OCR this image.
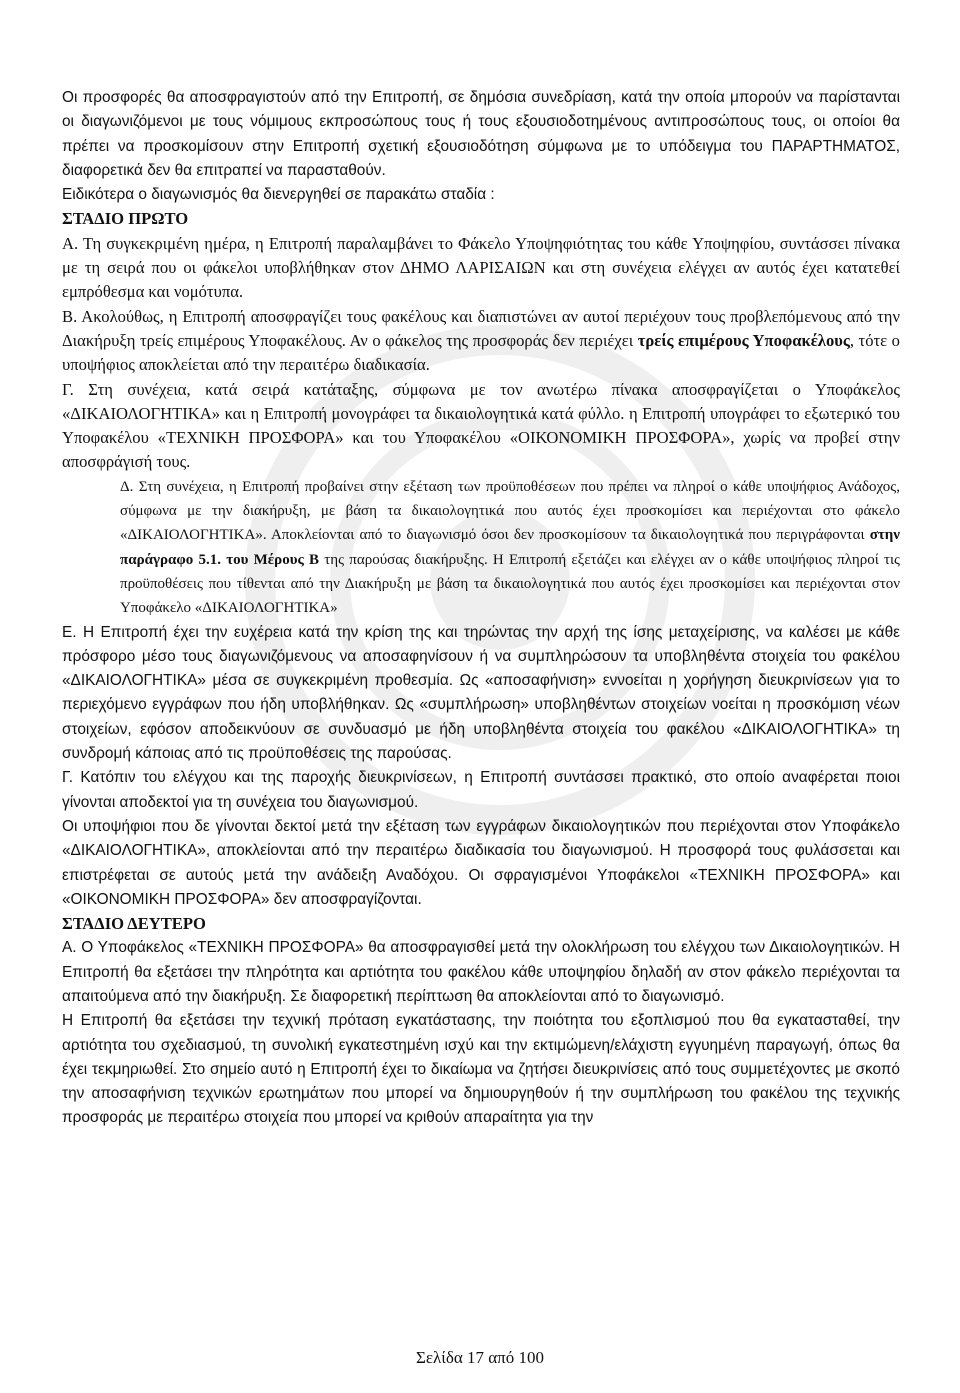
Οι προσφορές θα αποσφραγιστούν από την Επιτροπή, σε δημόσια συνεδρίαση, κατά την οποία μπορούν να παρίστανται οι διαγωνιζόμενοι με τους νόμιμους εκπροσώπους τους ή τους εξουσιοδοτημένους αντιπροσώπους τους, οι οποίοι θα πρέπει να προσκομίσουν στην Επιτροπή σχετική εξουσιοδότηση σύμφωνα με το υπόδειγμα του ΠΑΡΑΡΤΗΜΑΤΟΣ, διαφορετικά δεν θα επιτραπεί να παρασταθούν.

Ειδικότερα ο διαγωνισμός θα διενεργηθεί σε παρακάτω σταδία :

ΣΤΑΔΙΟ ΠΡΩΤΟ

Α. Τη συγκεκριμένη ημέρα, η Επιτροπή παραλαμβάνει το Φάκελο Υποψηφιότητας του κάθε Υποψηφίου, συντάσσει πίνακα με τη σειρά που οι φάκελοι υποβλήθηκαν στον ΔΗΜΟ ΛΑΡΙΣΑΙΩΝ και στη συνέχεια ελέγχει αν αυτός έχει κατατεθεί εμπρόθεσμα και νομότυπα.

Β. Ακολούθως, η Επιτροπή αποσφραγίζει τους φακέλους και διαπιστώνει αν αυτοί περιέχουν τους προβλεπόμενους από την Διακήρυξη τρείς επιμέρους Υποφακέλους. Αν ο φάκελος της προσφοράς δεν περιέχει τρείς επιμέρους Υποφακέλους, τότε ο υποψήφιος αποκλείεται από την περαιτέρω διαδικασία.

Γ. Στη συνέχεια, κατά σειρά κατάταξης, σύμφωνα με τον ανωτέρω πίνακα αποσφραγίζεται ο Υποφάκελος «ΔΙΚΑΙΟΛΟΓΗΤΙΚΑ» και η Επιτροπή μονογράφει τα δικαιολογητικά κατά φύλλο. η Επιτροπή υπογράφει το εξωτερικό του Υποφακέλου «ΤΕΧΝΙΚΗ ΠΡΟΣΦΟΡΑ» και του Υποφακέλου «ΟΙΚΟΝΟΜΙΚΗ ΠΡΟΣΦΟΡΑ», χωρίς να προβεί στην αποσφράγισή τους.

Δ. Στη συνέχεια, η Επιτροπή προβαίνει στην εξέταση των προϋποθέσεων που πρέπει να πληροί ο κάθε υποψήφιος Ανάδοχος, σύμφωνα με την διακήρυξη, με βάση τα δικαιολογητικά που αυτός έχει προσκομίσει και περιέχονται στο φάκελο «ΔΙΚΑΙΟΛΟΓΗΤΙΚΑ». Αποκλείονται από το διαγωνισμό όσοι δεν προσκομίσουν τα δικαιολογητικά που περιγράφονται στην παράγραφο 5.1. του Μέρους Β της παρούσας διακήρυξης. Η Επιτροπή εξετάζει και ελέγχει αν ο κάθε υποψήφιος πληροί τις προϋποθέσεις που τίθενται από την Διακήρυξη με βάση τα δικαιολογητικά που αυτός έχει προσκομίσει και περιέχονται στον Υποφάκελο «ΔΙΚΑΙΟΛΟΓΗΤΙΚΑ»

Ε. Η Επιτροπή έχει την ευχέρεια κατά την κρίση της και τηρώντας την αρχή της ίσης μεταχείρισης, να καλέσει με κάθε πρόσφορο μέσο τους διαγωνιζόμενους να αποσαφηνίσουν ή να συμπληρώσουν τα υποβληθέντα στοιχεία του φακέλου «ΔΙΚΑΙΟΛΟΓΗΤΙΚΑ» μέσα σε συγκεκριμένη προθεσμία. Ως «αποσαφήνιση» εννοείται η χορήγηση διευκρινίσεων για το περιεχόμενο εγγράφων που ήδη υποβλήθηκαν. Ως «συμπλήρωση» υποβληθέντων στοιχείων νοείται η προσκόμιση νέων στοιχείων, εφόσον αποδεικνύουν σε συνδυασμό με ήδη υποβληθέντα στοιχεία του φακέλου «ΔΙΚΑΙΟΛΟΓΗΤΙΚΑ» τη συνδρομή κάποιας από τις προϋποθέσεις της παρούσας.

Γ. Κατόπιν του ελέγχου και της παροχής διευκρινίσεων, η Επιτροπή συντάσσει πρακτικό, στο οποίο αναφέρεται ποιοι γίνονται αποδεκτοί για τη συνέχεια του διαγωνισμού.

Οι υποψήφιοι που δε γίνονται δεκτοί μετά την εξέταση των εγγράφων δικαιολογητικών που περιέχονται στον Υποφάκελο «ΔΙΚΑΙΟΛΟΓΗΤΙΚΑ», αποκλείονται από την περαιτέρω διαδικασία του διαγωνισμού. Η προσφορά τους φυλάσσεται και επιστρέφεται σε αυτούς μετά την ανάδειξη Αναδόχου. Οι σφραγισμένοι Υποφάκελοι «ΤΕΧΝΙΚΗ ΠΡΟΣΦΟΡΑ» και «ΟΙΚΟΝΟΜΙΚΗ ΠΡΟΣΦΟΡΑ» δεν αποσφραγίζονται.

ΣΤΑΔΙΟ ΔΕΥΤΕΡΟ

Α. Ο Υποφάκελος «ΤΕΧΝΙΚΗ ΠΡΟΣΦΟΡΑ» θα αποσφραγισθεί μετά την ολοκλήρωση του ελέγχου των Δικαιολογητικών. Η Επιτροπή θα εξετάσει την πληρότητα και αρτιότητα του φακέλου κάθε υποψηφίου δηλαδή αν στον φάκελο περιέχονται τα απαιτούμενα από την διακήρυξη. Σε διαφορετική περίπτωση θα αποκλείονται από το διαγωνισμό.

Η Επιτροπή θα εξετάσει την τεχνική πρόταση εγκατάστασης, την ποιότητα του εξοπλισμού που θα εγκατασταθεί, την αρτιότητα του σχεδιασμού, τη συνολική εγκατεστημένη ισχύ και την εκτιμώμενη/ελάχιστη εγγυημένη παραγωγή, όπως θα έχει τεκμηριωθεί. Στο σημείο αυτό η Επιτροπή έχει το δικαίωμα να ζητήσει διευκρινίσεις από τους συμμετέχοντες με σκοπό την αποσαφήνιση τεχνικών ερωτημάτων που μπορεί να δημιουργηθούν ή την συμπλήρωση του φακέλου της τεχνικής προσφοράς με περαιτέρω στοιχεία που μπορεί να κριθούν απαραίτητα για την

Σελίδα 17 από 100
